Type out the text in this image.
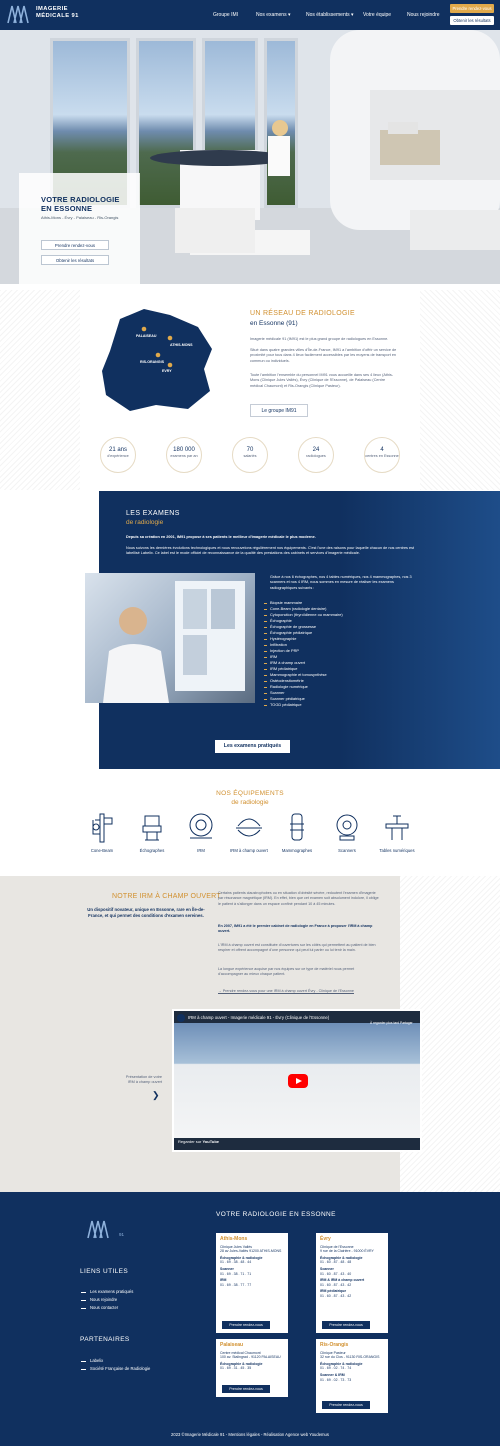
IMAGERIE
MÉDICALE 91	Groupe IMI	Nos examens ▾	Nos établissements ▾ Votre équipe	Nous rejoindre
Prendre rendez-vous
Obtenir les résultats
VOTRE RADIOLOGIE
EN ESSONNE
Athis-Mons - Évry - Palaiseau - Ris-Orangis
Prendre rendez-vous
Obtenir les résultats
PALAISEAU
ATHIS-MONS
RIS-ORANGIS
EVRY
UN RÉSEAU DE RADIOLOGIE
en Essonne (91)
Imagerie médicale 91 (IM91) est le plus grand groupe de radiologues en Essonne.
Situé dans quatre grandes villes d'Île-de-France, IM91 a l'ambition d'offrir un service de proximité pour tous dans 4 lieux facilement accessibles par les moyens de transport en commun ou individuels.
Toute l'ambition l'ensemble du personnel IM91 vous accueille dans ses 4 lieux (Athis-Mons (Clinique Jules Vallès), Évry (Clinique de l'Essonne), de Palaiseau (Centre médical Chaumont) et Ris-Orangis (Clinique Pasteur).
Le groupe IM91
21 ans
d'expérience
180 000
examens par an
70
salariés
24
radiologues
4
centres en Essonne
LES EXAMENS
de radiologie
Depuis sa création en 2001, IM91 propose à ses patients le meilleur d'imagerie médicale le plus moderne.
Nous suivons les dernières évolutions technologiques et nous renouvelons régulièrement nos équipements. C'est l'une des raisons pour laquelle chacun de nos centres est labellisé Labelix. Ce label est le mode officiel de reconnaissance de la qualité des prestations des cabinets et services d'imagerie médicale.
Grâce à nos 6 échographes, nos 4 tables numériques, nos 4 mammographes, nos 3 scanners et nos 4 IRM, nous sommes en mesure de réaliser les examens radiographiques suivants :
Biopsie mammaire
Cone-Beam (radiologie dentaire)
Cytoponction (thyroïdienne ou mammaire)
Échographie
Échographie de grossesse
Échographie pédiatrique
Hystérographie
Infiltration
Injection de PRP
IRM
IRM à champ ouvert
IRM pédiatrique
Mammographie et tomosynthèse
Ostéodensitométrie
Radiologie numérique
Scanner
Scanner pédiatrique
TOGD pédiatrique
Les examens pratiqués
NOS ÉQUIPEMENTS
de radiologie
Cone-Beam	Échographes	IRM	IRM à champ ouvert	Mammographes	Scanners	Tables numériques
NOTRE IRM À CHAMP OUVERT
Un dispositif novateur, unique en Essonne, rare en Île-de-France, et qui permet des conditions d'examen sereines.
Certains patients claustrophobes ou en situation d'obésité sévère, redoutent l'examen d'imagerie par résonance magnétique (IRM). En effet, bien que cet examen soit absolument indolore, il oblige le patient à s'allonger dans un espace confiné pendant 10 à 45 minutes.
En 2007, IM91 a été le premier cabinet de radiologie en France à proposer l'IRM à champ ouvert.
L'IRM à champ ouvert est constituée d'ouvertures sur les côtés qui permettent au patient de bien respirer et offrent accompagné d'une personne qui peut lui parler ou lui tenir la main.
La longue expérience acquise par nos équipes sur ce type de matériel nous permet d'accompagner au mieux chaque patient.
→ Prendre rendez-vous pour une IRM à champ ouvert Évry - Clinique de l'Essonne
Présentation de votre IRM à champ ouvert
❯
IRM à champ ouvert - Imagerie médicale 91 - Évry (Clinique de l'Essonne)
À regarder plus tard Partager
Regarder sur YouTube
91
VOTRE RADIOLOGIE EN ESSONNE
LIENS UTILES
Les examens pratiqués
Nous rejoindre
Nous contacter
PARTENAIRES
Labelix
Société Française de Radiologie
Athis-Mons
Clinique Jules Vallès
28 av Jules-Vallès 91200 ATHIS-MONS
Échographie & radiologie
01 . 69 . 38 . 48 . 44
Scanner
01 . 69 . 38 . 71 . 71
IRM
01 . 69 . 38 . 77 . 77
Prendre rendez-vous
Évry
Clinique de l'Essonne
9 rue de la Clairière - 91000 ÉVRY
Échographie & radiologie
01 . 60 . 87 . 48 . 48
Scanner
01 . 60 . 87 . 43 . 40
IRM & IRM à champ ouvert
01 . 60 . 87 . 43 . 42
IRM pédiatrique
01 . 60 . 87 . 43 . 42
Prendre rendez-vous
Palaiseau
Centre médical Chaumont
100 av. Stalingrad - 91120 PALAISEAU
Échographie & radiologie
01 . 69 . 31 . 45 . 35
Prendre rendez-vous
Ris-Orangis
Clinique Pasteur
32 rue du Clos - 91130 RIS-ORANGIS
Échographie & radiologie
01 . 69 . 02 . 74 . 74
Scanner & IRM
01 . 69 . 02 . 73 . 73
Prendre rendez-vous
2023 ©Imagerie Médicale 91 - Mentions légales - Réalisation Agence web Youdemus
